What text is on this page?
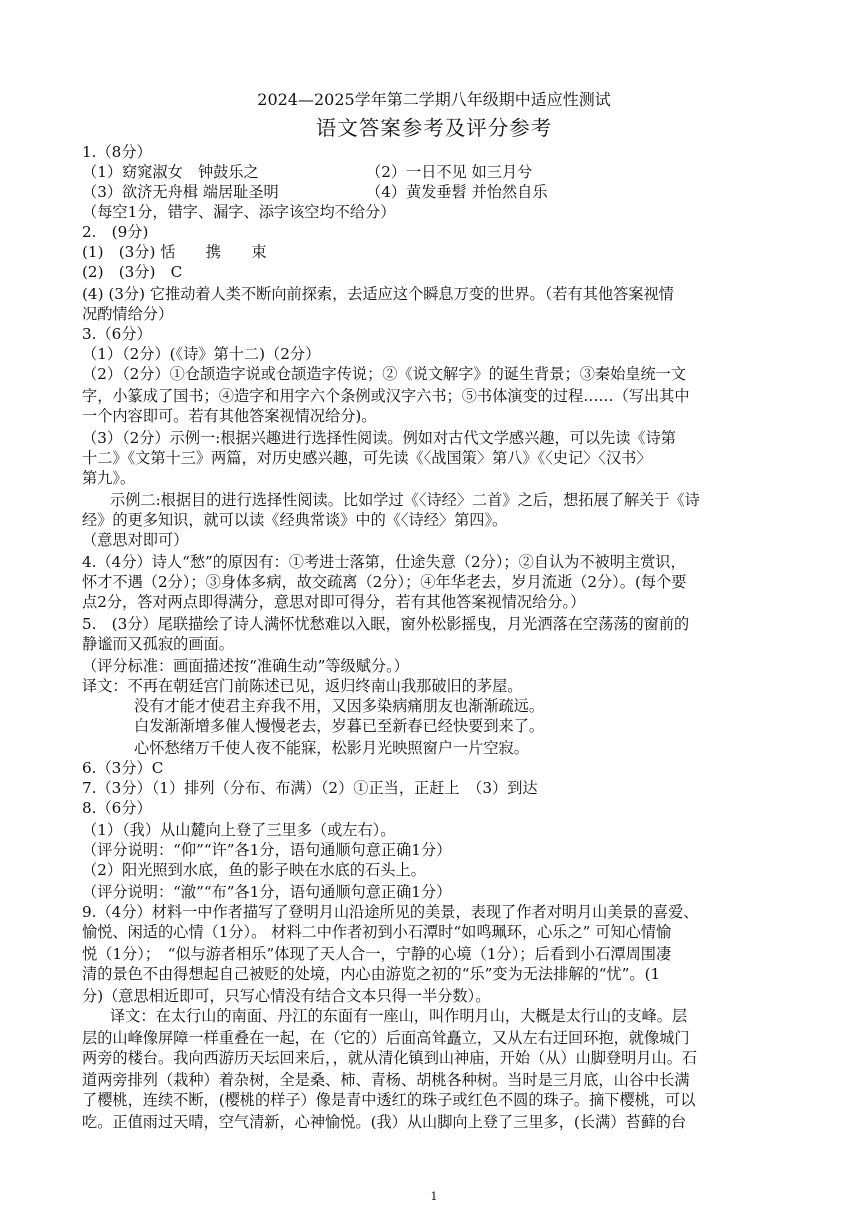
2024—2025学年第二学期八年级期中适应性测试
语文答案参考及评分参考
1.（8分）
（1）窈窕淑女　钟鼓乐之	（2）一日不见 如三月兮
（3）欲济无舟楫 端居耻圣明	（4）黄发垂髫 并怡然自乐
（每空1分，错字、漏字、添字该空均不给分）
2.　(9分)
(1)　(3分) 恬　　携　　束
(2)　(3分)　C
(4) (3分) 它推动着人类不断向前探索，去适应这个瞬息万变的世界。（若有其他答案视情
况酌情给分）
3.（6分）
（1）（2分）(《诗》第十二)（2分）
（2）（2分）①仓颉造字说或仓颉造字传说；②《说文解字》的诞生背景；③秦始皇统一文
字，小篆成了国书；④造字和用字六个条例或汉字六书；⑤书体演变的过程……（写出其中
一个内容即可。若有其他答案视情况给分)。
（3）（2分）示例一:根据兴趣进行选择性阅读。例如对古代文学感兴趣，可以先读《诗第
十二》《文第十三》两篇，对历史感兴趣，可先读《〈战国策〉第八》《〈史记〉〈汉书〉
第九》。
示例二:根据目的进行选择性阅读。比如学过《〈诗经〉二首》之后，想拓展了解关于《诗
经》的更多知识，就可以读《经典常谈》中的《〈诗经〉第四》。
（意思对即可）
4.（4分）诗人“愁”的原因有：①考进士落第，仕途失意（2分）；②自认为不被明主赏识，
怀才不遇（2分）；③身体多病，故交疏离（2分）；④年华老去，岁月流逝（2分）。(每个要
点2分，答对两点即得满分，意思对即可得分，若有其他答案视情况给分。）
5.　(3分）尾联描绘了诗人满怀忧愁难以入眠，窗外松影摇曳，月光洒落在空荡荡的窗前的
静谧而又孤寂的画面。
（评分标准：画面描述按“准确生动”等级赋分。）
译文：不再在朝廷宫门前陈述已见，返归终南山我那破旧的茅屋。
没有才能才使君主弃我不用，又因多染病痛朋友也渐渐疏远。
白发渐渐增多催人慢慢老去，岁暮已至新春已经快要到来了。
心怀愁绪万千使人夜不能寐，松影月光映照窗户一片空寂。
6.（3分）C
7.（3分）（1）排列（分布、布满）（2）①正当，正赶上　（3）到达
8.（6分）
（1）（我）从山麓向上登了三里多（或左右）。
（评分说明：“仰”“许”各1分，语句通顺句意正确1分）
（2）阳光照到水底，鱼的影子映在水底的石头上。
（评分说明：“澈”“布”各1分，语句通顺句意正确1分）
9.（4分）材料一中作者描写了登明月山沿途所见的美景，表现了作者对明月山美景的喜爱、
愉悦、闲适的心情（1分）。 材料二中作者初到小石潭时“如鸣珮环，心乐之” 可知心情愉
悦（1分）；　“似与游者相乐”体现了天人合一，宁静的心境（1分）；后看到小石潭周围凄
清的景色不由得想起自己被贬的处境，内心由游览之初的“乐”变为无法排解的“忧”。(1
分)（意思相近即可，只写心情没有结合文本只得一半分数）。
译文：在太行山的南面、丹江的东面有一座山，叫作明月山，大概是太行山的支峰。层
层的山峰像屏障一样重叠在一起，在（它的）后面高耸矗立，又从左右迂回环抱，就像城门
两旁的楼台。我向西游历天坛回来后，，就从清化镇到山神庙，开始（从）山脚登明月山。石
道两旁排列（栽种）着杂树，全是桑、柿、青杨、胡桃各种树。当时是三月底，山谷中长满
了樱桃，连续不断，(樱桃的样子）像是青中透红的珠子或红色不圆的珠子。摘下樱桃，可以
吃。正值雨过天晴，空气清新，心神愉悦。(我）从山脚向上登了三里多，(长满）苔藓的台
1
